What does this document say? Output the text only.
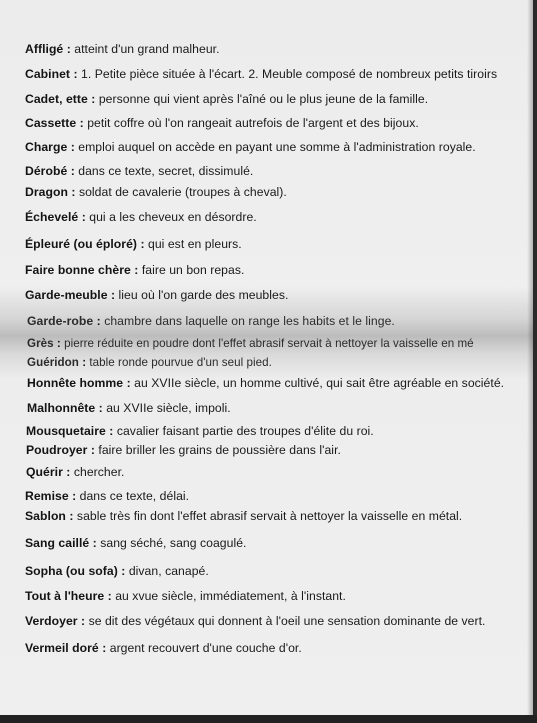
Affligé : atteint d'un grand malheur.
Cabinet : 1. Petite pièce située à l'écart. 2. Meuble composé de nombreux petits tiroirs
Cadet, ette : personne qui vient après l'aîné ou le plus jeune de la famille.
Cassette : petit coffre où l'on rangeait autrefois de l'argent et des bijoux.
Charge : emploi auquel on accède en payant une somme à l'administration royale.
Dérobé : dans ce texte, secret, dissimulé.
Dragon : soldat de cavalerie (troupes à cheval).
Échevelé : qui a les cheveux en désordre.
Épleuré (ou éploré) : qui est en pleurs.
Faire bonne chère : faire un bon repas.
Garde-meuble : lieu où l'on garde des meubles.
Garde-robe : chambre dans laquelle on range les habits et le linge.
Grès : pierre réduite en poudre dont l'effet abrasif servait à nettoyer la vaisselle en mé
Guéridon : table ronde pourvue d'un seul pied.
Honnête homme : au XVIIe siècle, un homme cultivé, qui sait être agréable en société.
Malhonnête : au XVIIe siècle, impoli.
Mousquetaire : cavalier faisant partie des troupes d'élite du roi.
Poudroyer : faire briller les grains de poussière dans l'air.
Quérir : chercher.
Remise : dans ce texte, délai.
Sablon : sable très fin dont l'effet abrasif servait à nettoyer la vaisselle en métal.
Sang caillé : sang séché, sang coagulé.
Sopha (ou sofa) : divan, canapé.
Tout à l'heure : au xvue siècle, immédiatement, à l'instant.
Verdoyer : se dit des végétaux qui donnent à l'oeil une sensation dominante de vert.
Vermeil doré : argent recouvert d'une couche d'or.
